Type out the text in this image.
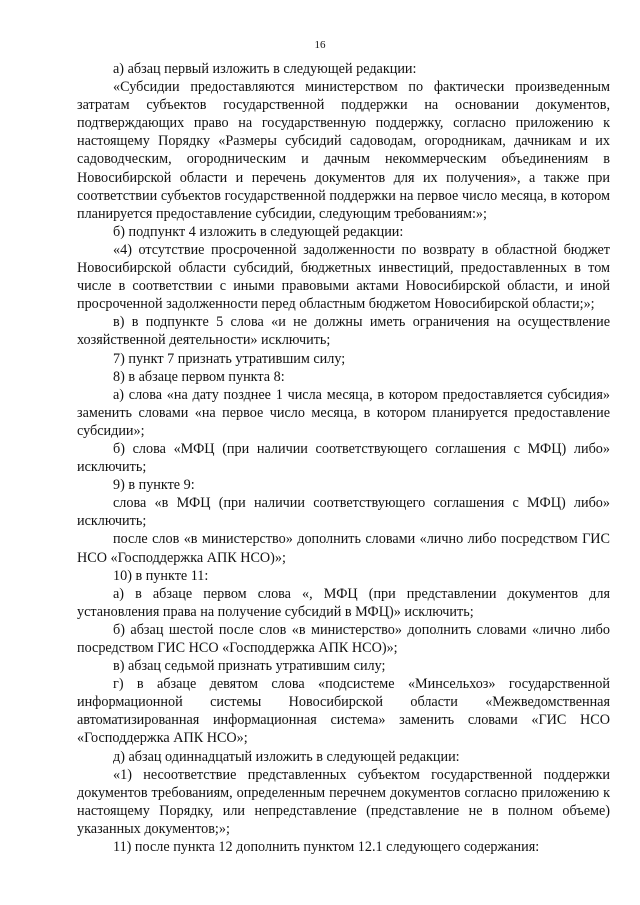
16

а) абзац первый изложить в следующей редакции:

«Субсидии предоставляются министерством по фактически произведенным затратам субъектов государственной поддержки на основании документов, подтверждающих право на государственную поддержку, согласно приложению к настоящему Порядку «Размеры субсидий садоводам, огородникам, дачникам и их садоводческим, огородническим и дачным некоммерческим объединениям в Новосибирской области и перечень документов для их получения», а также при соответствии субъектов государственной поддержки на первое число месяца, в котором планируется предоставление субсидии, следующим требованиям:»;

б) подпункт 4 изложить в следующей редакции:

«4) отсутствие просроченной задолженности по возврату в областной бюджет Новосибирской области субсидий, бюджетных инвестиций, предоставленных в том числе в соответствии с иными правовыми актами Новосибирской области, и иной просроченной задолженности перед областным бюджетом Новосибирской области;»;

в) в подпункте 5 слова «и не должны иметь ограничения на осуществление хозяйственной деятельности» исключить;

7) пункт 7 признать утратившим силу;

8) в абзаце первом пункта 8:

а) слова «на дату позднее 1 числа месяца, в котором предоставляется субсидия» заменить словами «на первое число месяца, в котором планируется предоставление субсидии»;

б) слова «МФЦ (при наличии соответствующего соглашения с МФЦ) либо» исключить;

9) в пункте 9:

слова «в МФЦ (при наличии соответствующего соглашения с МФЦ) либо» исключить;

после слов «в министерство» дополнить словами «лично либо посредством ГИС НСО «Господдержка АПК НСО)»;

10) в пункте 11:

а) в абзаце первом слова «, МФЦ (при представлении документов для установления права на получение субсидий в МФЦ)» исключить;

б) абзац шестой после слов «в министерство» дополнить словами «лично либо посредством ГИС НСО «Господдержка АПК НСО)»;

в) абзац седьмой признать утратившим силу;

г) в абзаце девятом слова «подсистеме «Минсельхоз» государственной информационной системы Новосибирской области «Межведомственная автоматизированная информационная система» заменить словами «ГИС НСО «Господдержка АПК НСО»;

д) абзац одиннадцатый изложить в следующей редакции:

«1) несоответствие представленных субъектом государственной поддержки документов требованиям, определенным перечнем документов согласно приложению к настоящему Порядку, или непредставление (представление не в полном объеме) указанных документов;»;

11) после пункта 12 дополнить пунктом 12.1 следующего содержания:
